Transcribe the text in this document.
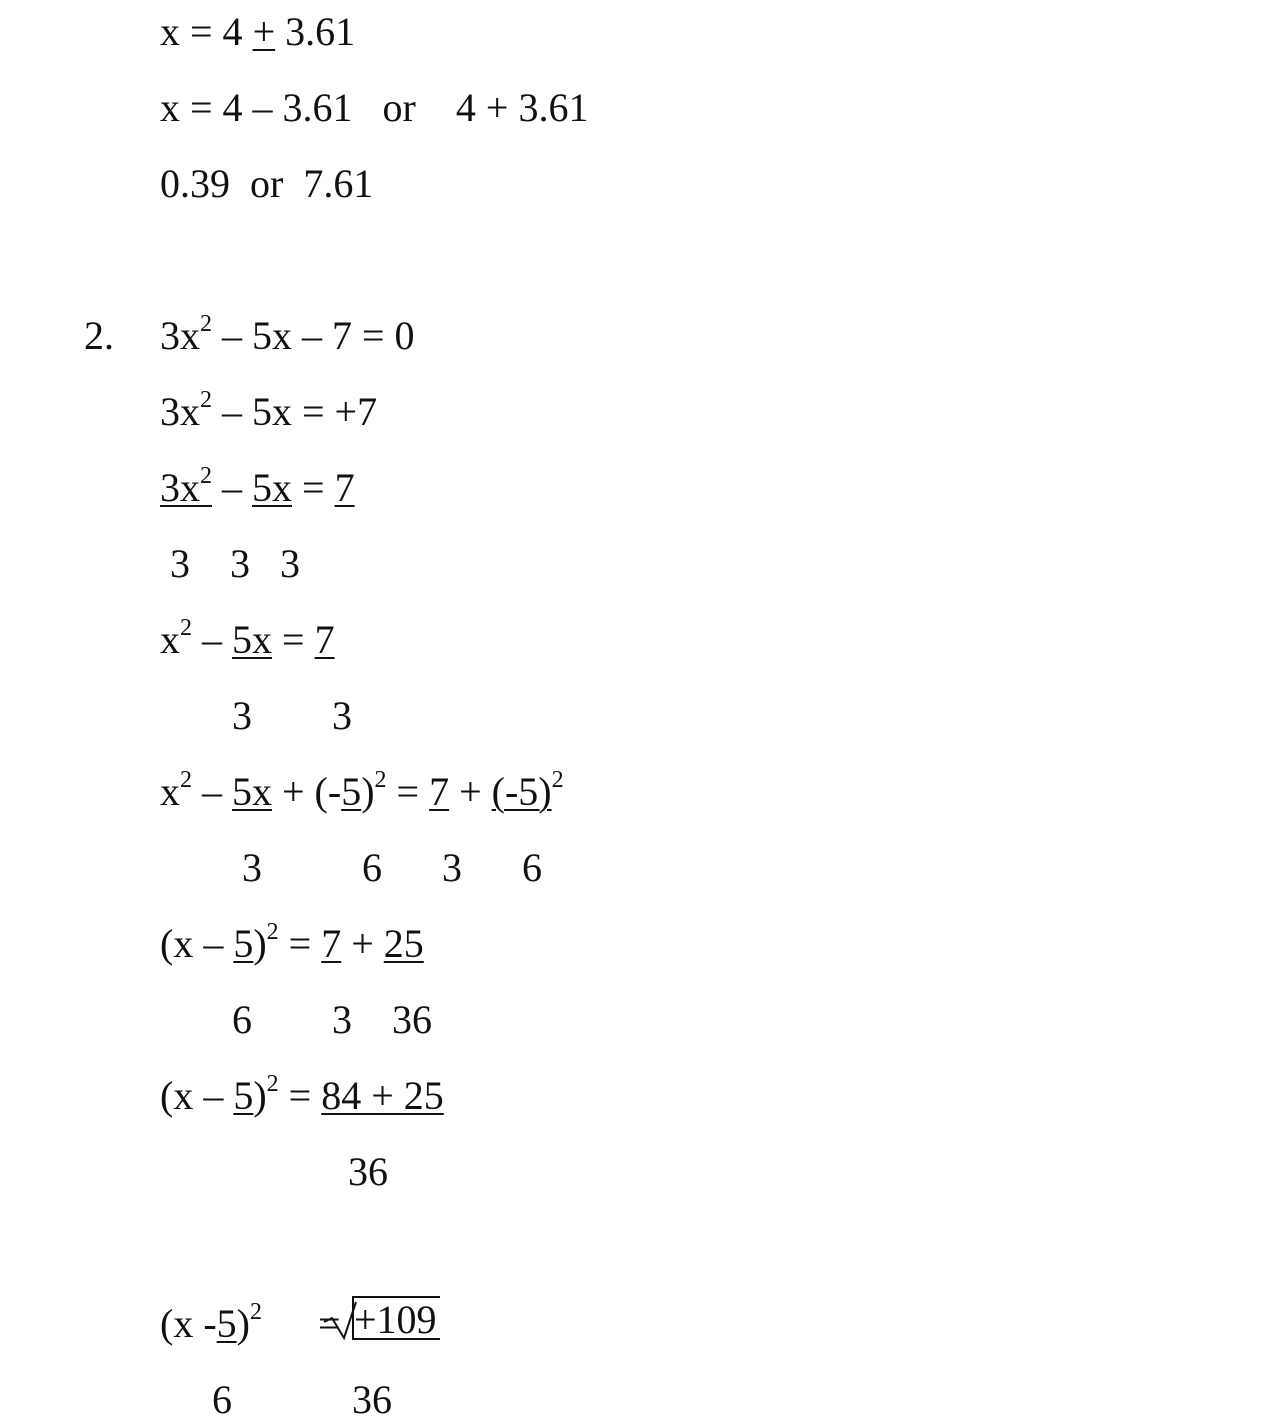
x = 4 + 3.61
x = 4 – 3.61   or    4 + 3.61
0.39  or  7.61
2. $3x^2 - 5x - 7 = 0$
$3x^2 - 5x = +7$
$3x^2 - 5x = 7$
3    3   3
$x^2 - 5x = 7$
3        3
$x^2 - 5x + (-5)^2 = 7 + (-5)^2$
3          6      3      6
(x – 5)$^2$ = 7 + 25
6        3    36
(x – 5)$^2$ = 84 + 25
36
(x -5)$^2$ = +109
6            36
